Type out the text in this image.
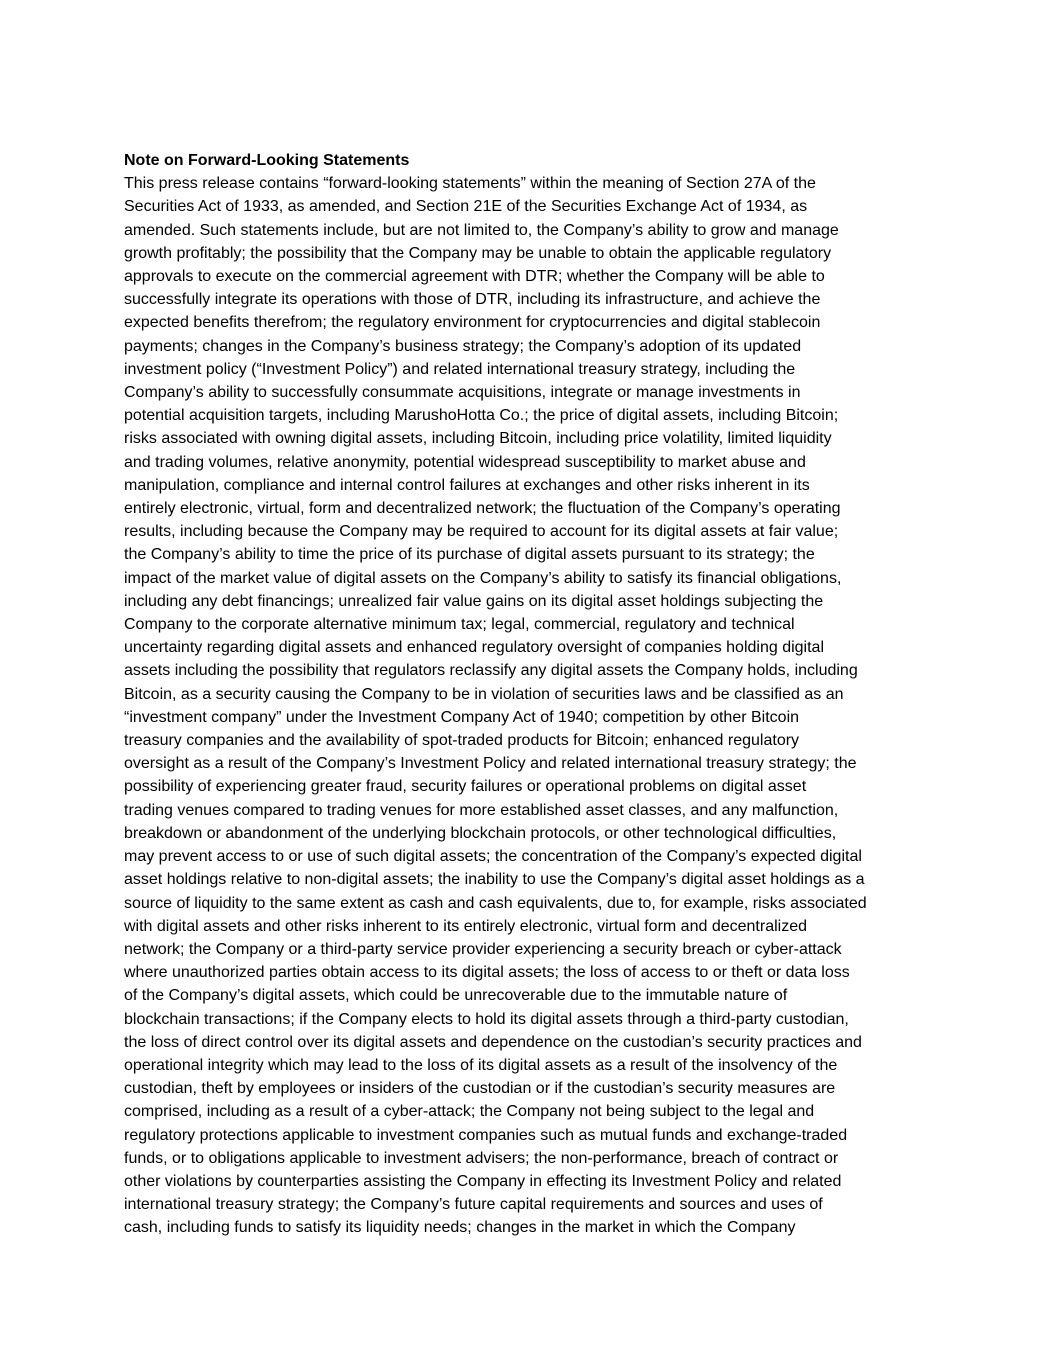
Note on Forward-Looking Statements
This press release contains “forward-looking statements” within the meaning of Section 27A of the
Securities Act of 1933, as amended, and Section 21E of the Securities Exchange Act of 1934, as
amended. Such statements include, but are not limited to, the Company’s ability to grow and manage
growth profitably; the possibility that the Company may be unable to obtain the applicable regulatory
approvals to execute on the commercial agreement with DTR; whether the Company will be able to
successfully integrate its operations with those of DTR, including its infrastructure, and achieve the
expected benefits therefrom; the regulatory environment for cryptocurrencies and digital stablecoin
payments; changes in the Company’s business strategy; the Company’s adoption of its updated
investment policy (“Investment Policy”) and related international treasury strategy, including the
Company’s ability to successfully consummate acquisitions, integrate or manage investments in
potential acquisition targets, including MarushoHotta Co.; the price of digital assets, including Bitcoin;
risks associated with owning digital assets, including Bitcoin, including price volatility, limited liquidity
and trading volumes, relative anonymity, potential widespread susceptibility to market abuse and
manipulation, compliance and internal control failures at exchanges and other risks inherent in its
entirely electronic, virtual, form and decentralized network; the fluctuation of the Company’s operating
results, including because the Company may be required to account for its digital assets at fair value;
the Company’s ability to time the price of its purchase of digital assets pursuant to its strategy; the
impact of the market value of digital assets on the Company’s ability to satisfy its financial obligations,
including any debt financings; unrealized fair value gains on its digital asset holdings subjecting the
Company to the corporate alternative minimum tax; legal, commercial, regulatory and technical
uncertainty regarding digital assets and enhanced regulatory oversight of companies holding digital
assets including the possibility that regulators reclassify any digital assets the Company holds, including
Bitcoin, as a security causing the Company to be in violation of securities laws and be classified as an
“investment company” under the Investment Company Act of 1940; competition by other Bitcoin
treasury companies and the availability of spot-traded products for Bitcoin; enhanced regulatory
oversight as a result of the Company’s Investment Policy and related international treasury strategy; the
possibility of experiencing greater fraud, security failures or operational problems on digital asset
trading venues compared to trading venues for more established asset classes, and any malfunction,
breakdown or abandonment of the underlying blockchain protocols, or other technological difficulties,
may prevent access to or use of such digital assets; the concentration of the Company’s expected digital
asset holdings relative to non-digital assets; the inability to use the Company’s digital asset holdings as a
source of liquidity to the same extent as cash and cash equivalents, due to, for example, risks associated
with digital assets and other risks inherent to its entirely electronic, virtual form and decentralized
network; the Company or a third-party service provider experiencing a security breach or cyber-attack
where unauthorized parties obtain access to its digital assets; the loss of access to or theft or data loss
of the Company’s digital assets, which could be unrecoverable due to the immutable nature of
blockchain transactions; if the Company elects to hold its digital assets through a third-party custodian,
the loss of direct control over its digital assets and dependence on the custodian’s security practices and
operational integrity which may lead to the loss of its digital assets as a result of the insolvency of the
custodian, theft by employees or insiders of the custodian or if the custodian’s security measures are
comprised, including as a result of a cyber-attack; the Company not being subject to the legal and
regulatory protections applicable to investment companies such as mutual funds and exchange-traded
funds, or to obligations applicable to investment advisers; the non-performance, breach of contract or
other violations by counterparties assisting the Company in effecting its Investment Policy and related
international treasury strategy; the Company’s future capital requirements and sources and uses of
cash, including funds to satisfy its liquidity needs; changes in the market in which the Company
